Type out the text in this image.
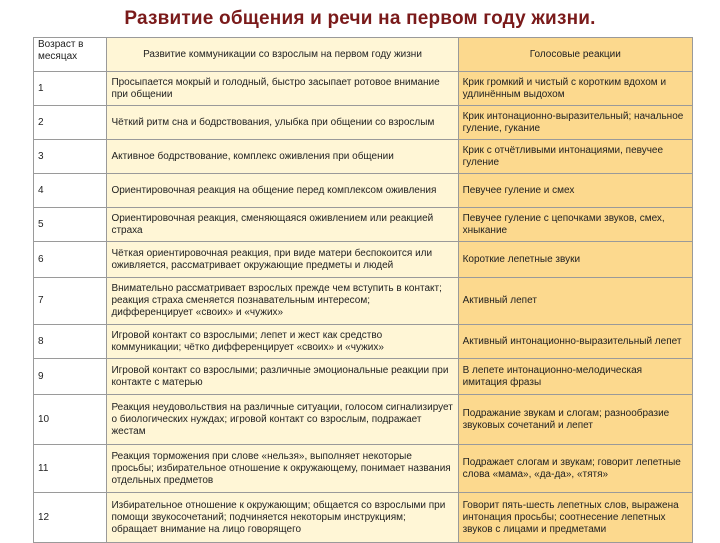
Развитие общения и речи на первом году жизни.
Возраст в месяцах	Развитие коммуникации со взрослым на первом году жизни	Голосовые реакции
1	Просыпается мокрый и голодный, быстро засыпает ротовое внимание при общении	Крик громкий и чистый с коротким вдохом и удлинённым выдохом
2	Чёткий ритм сна и бодрствования, улыбка при общении со взрослым	Крик интонационно-выразительный; начальное гуление, гукание
3	Активное бодрствование, комплекс оживления при общении	Крик с отчётливыми интонациями, певучее гуление
4	Ориентировочная реакция на общение перед комплексом оживления	Певучее гуление и смех
5	Ориентировочная реакция, сменяющаяся оживлением или реакцией страха	Певучее гуление с цепочками звуков, смех, хныкание
6	Чёткая ориентировочная реакция, при виде матери беспокоится или оживляется, рассматривает окружающие предметы и людей	Короткие лепетные звуки
7	Внимательно рассматривает взрослых прежде чем вступить в контакт; реакция страха сменяется познавательным интересом; дифференцирует «своих» и «чужих»	Активный лепет
8	Игровой контакт со взрослыми; лепет и жест как средство коммуникации; чётко дифференцирует «своих» и «чужих»	Активный интонационно-выразительный лепет
9	Игровой контакт со взрослыми; различные эмоциональные реакции при контакте с матерью	В лепете интонационно-мелодическая имитация фразы
10	Реакция неудовольствия на различные ситуации, голосом сигнализирует о биологических нуждах; игровой контакт со взрослым, подражает жестам	Подражание звукам и слогам; разнообразие звуковых сочетаний и лепет
11	Реакция торможения при слове «нельзя», выполняет некоторые просьбы; избирательное отношение к окружающему, понимает названия отдельных предметов	Подражает слогам и звукам; говорит лепетные слова «мама», «да-да», «тятя»
12	Избирательное отношение к окружающим; общается со взрослыми при помощи звукосочетаний; подчиняется некоторым инструкциям; обращает внимание на лицо говорящего	Говорит пять-шесть лепетных слов, выражена интонация просьбы; соотнесение лепетных звуков с лицами и предметами
